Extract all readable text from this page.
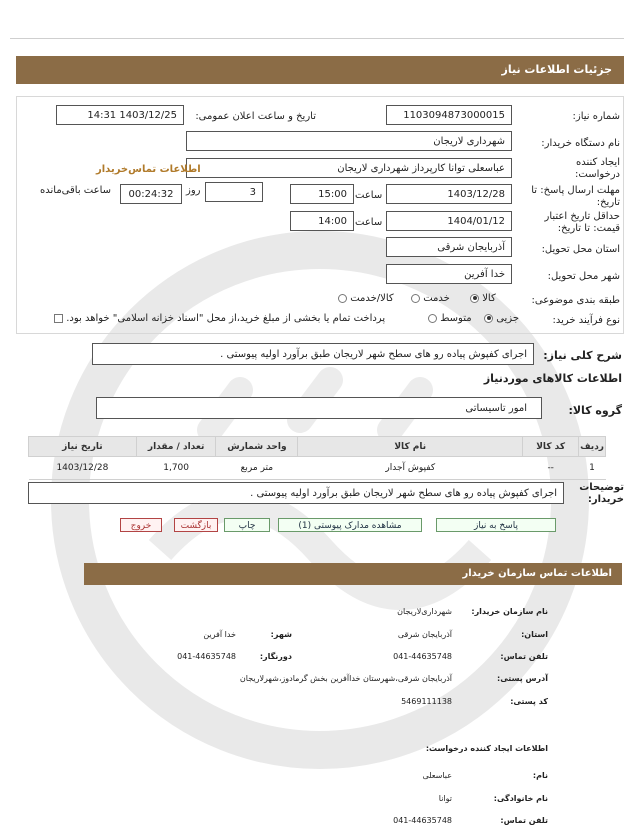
جزئیات اطلاعات نیاز
شماره نیاز:
1103094873000015
تاریخ و ساعت اعلان عمومی:
1403/12/25 14:31
نام دستگاه خریدار:
شهرداری لاریجان
ایجاد کننده درخواست:
عباسعلی توانا کارپرداز شهرداری لاریجان
اطلاعات تماس‌خریدار
مهلت ارسال پاسخ: تا تاریخ:
1403/12/28
ساعت
15:00
3
روز
00:24:32
ساعت باقی‌مانده
حداقل تاریخ اعتبار قیمت: تا تاریخ:
1404/01/12
ساعت
14:00
استان محل تحویل:
آذربایجان شرقی
شهر محل تحویل:
خدا آفرین
طبقه بندی موضوعی:
کالا
خدمت
کالا/خدمت
نوع فرآیند خرید:
جزیی
متوسط
پرداخت تمام یا بخشی از مبلغ خرید،از محل "اسناد خزانه اسلامی" خواهد بود.
شرح کلی نیاز:
اجرای کفپوش پیاده رو های سطح شهر لاریجان طبق برآورد اولیه پیوستی .
اطلاعات کالاهای موردنیاز
گروه کالا:
امور تاسیساتی
ردیف	کد کالا	نام کالا	واحد شمارش	تعداد / مقدار	تاریخ نیاز
1	--	کفپوش آجدار	متر مربع	1,700	1403/12/28
توضیحات خریدار:
اجرای کفپوش پیاده رو های سطح شهر لاریجان طبق برآورد اولیه پیوستی .
پاسخ به نیاز
مشاهده مدارک پیوستی (1)
چاپ
بازگشت
خروج
اطلاعات تماس سازمان خریدار
نام سازمان خریدار:
شهرداری‌لاریجان
استان:
آذربایجان شرقی
شهر:
خدا آفرین
تلفن تماس:
041-44635748
دورنگار:
041-44635748
آدرس پستی:
آذربایجان شرقی،شهرستان خداآفرین بخش گرمادوز،شهرلاریجان
کد پستی:
5469111138
اطلاعات ایجاد کننده درخواست:
نام:
عباسعلی
نام خانوادگی:
توانا
تلفن تماس:
041-44635748
